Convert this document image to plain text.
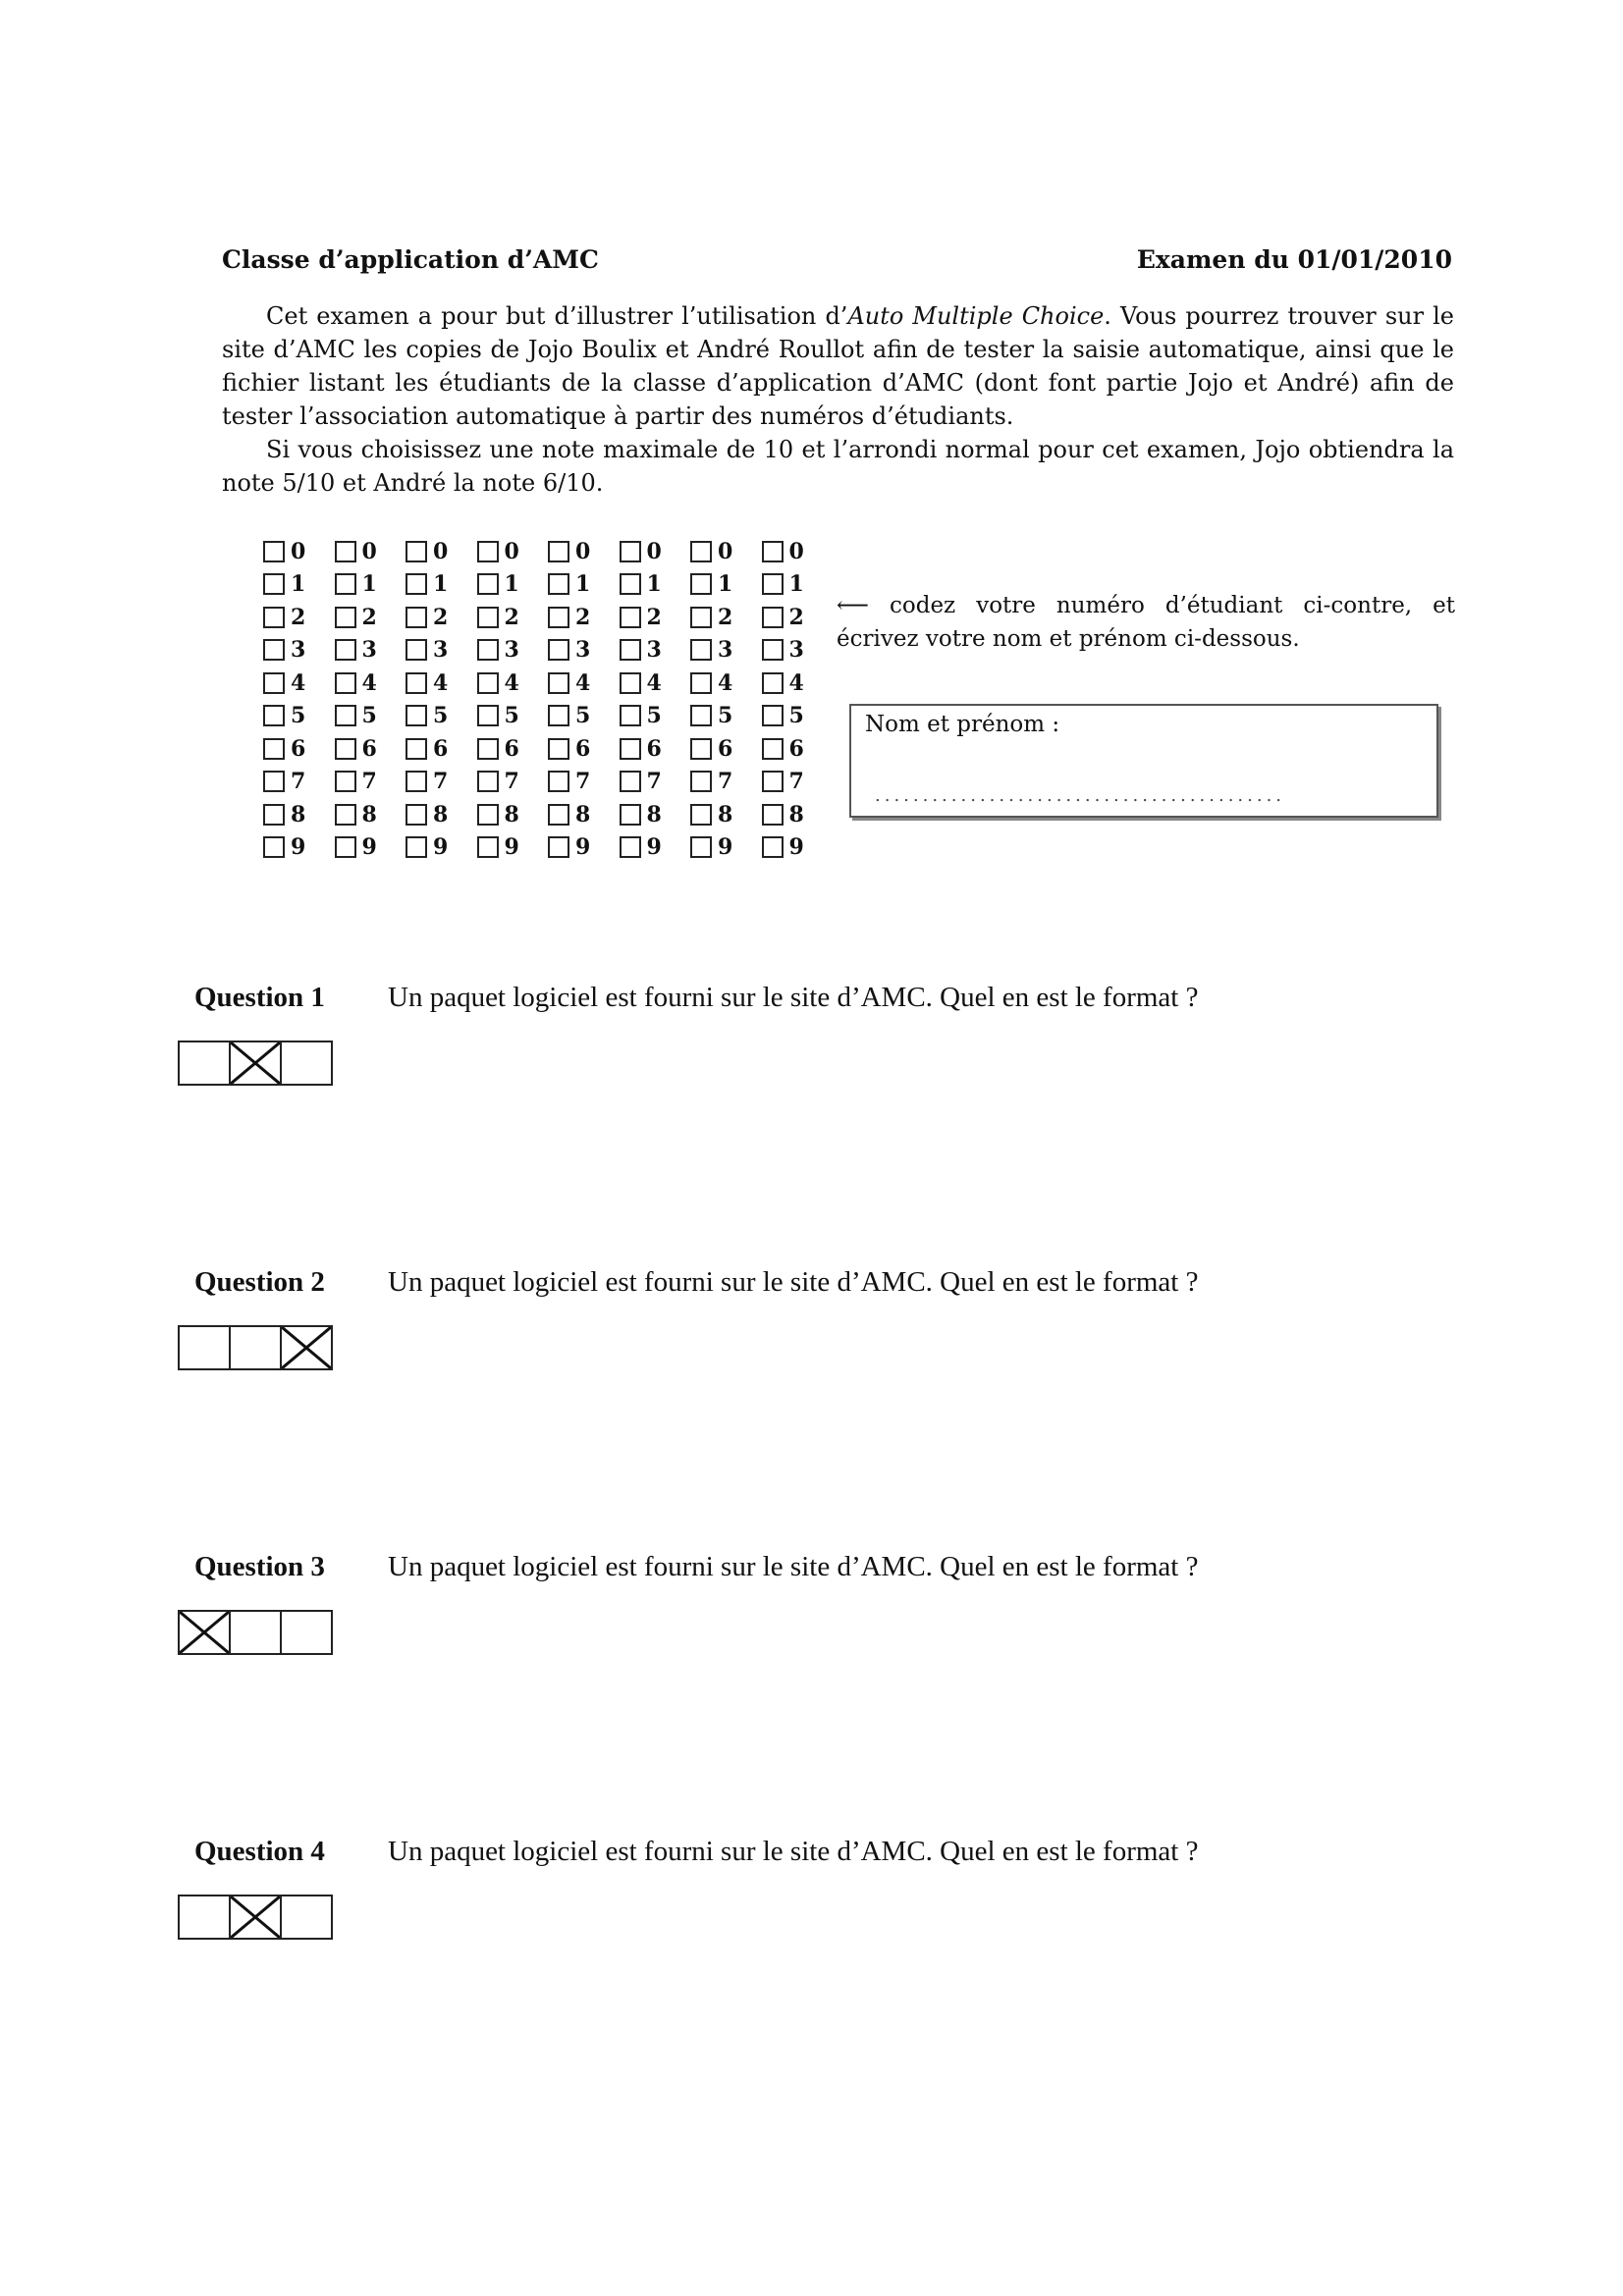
Classe d’application d’AMC	Examen du 01/01/2010

Cet examen a pour but d’illustrer l’utilisation d’Auto Multiple Choice. Vous pourrez trouver sur le site d’AMC les copies de Jojo Boulix et André Roullot afin de tester la saisie automatique, ainsi que le fichier listant les étudiants de la classe d’application d’AMC (dont font partie Jojo et André) afin de tester l’association automatique à partir des numéros d’étudiants.

Si vous choisissez une note maximale de 10 et l’arrondi normal pour cet examen, Jojo obtiendra la note 5/10 et André la note 6/10.

0	0	0	0	0	0	0	0
1	1	1	1	1	1	1	1
2	2	2	2	2	2	2	2
3	3	3	3	3	3	3	3
4	4	4	4	4	4	4	4
5	5	5	5	5	5	5	5
6	6	6	6	6	6	6	6
7	7	7	7	7	7	7	7
8	8	8	8	8	8	8	8
9	9	9	9	9	9	9	9
⟵ codez votre numéro d’étudiant ci-contre, et écrivez votre nom et prénom ci-dessous.
Nom et prénom :
...........................................
Question 1 Un paquet logiciel est fourni sur le site d’AMC. Quel en est le format ?
Question 2 Un paquet logiciel est fourni sur le site d’AMC. Quel en est le format ?
Question 3 Un paquet logiciel est fourni sur le site d’AMC. Quel en est le format ?
Question 4 Un paquet logiciel est fourni sur le site d’AMC. Quel en est le format ?
